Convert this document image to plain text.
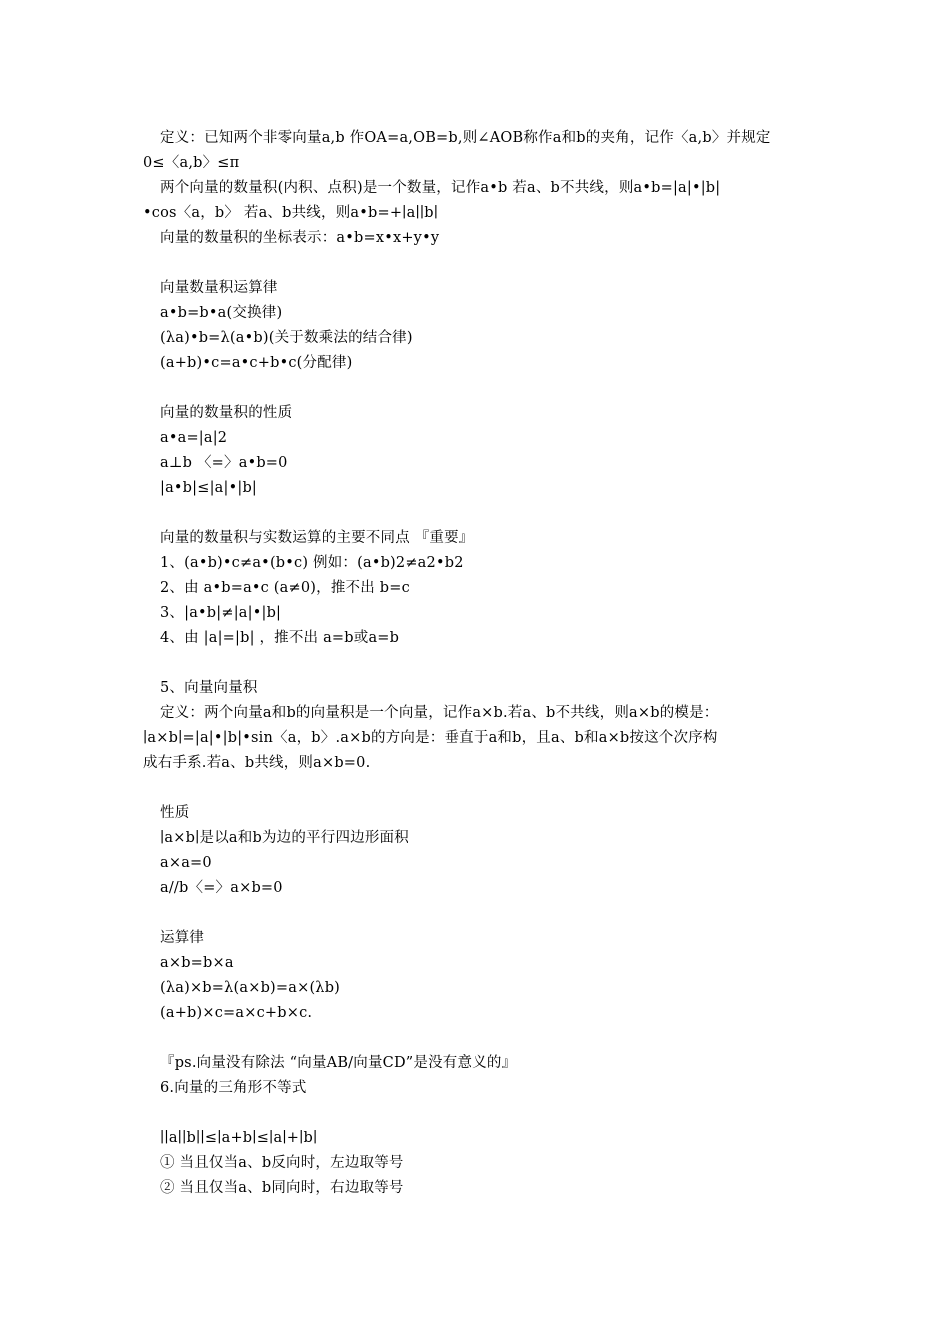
定义：已知两个非零向量a,b 作OA=a,OB=b,则∠AOB称作a和b的夹角，记作〈a,b〉并规定
0≤〈a,b〉≤π
两个向量的数量积(内积、点积)是一个数量，记作a•b 若a、b不共线，则a•b=|a|•|b|
•cos〈a，b〉 若a、b共线，则a•b=+∣a∣∣b∣
向量的数量积的坐标表示：a•b=x•x+y•y
向量数量积运算律
a•b=b•a(交换律)
(λa)•b=λ(a•b)(关于数乘法的结合律)
(a+b)•c=a•c+b•c(分配律)
向量的数量积的性质
a•a=|a|2
a⊥b 〈=〉a•b=0
|a•b|≤|a|•|b|
向量的数量积与实数运算的主要不同点 『重要』
1、(a•b)•c≠a•(b•c) 例如：(a•b)2≠a2•b2
2、由 a•b=a•c (a≠0)，推不出 b=c
3、|a•b|≠|a|•|b|
4、由 |a|=|b| ，推不出 a=b或a=b
5、向量向量积
定义：两个向量a和b的向量积是一个向量，记作a×b.若a、b不共线，则a×b的模是：
∣a×b∣=|a|•|b|•sin〈a，b〉.a×b的方向是：垂直于a和b，且a、b和a×b按这个次序构
成右手系.若a、b共线，则a×b=0.
性质
∣a×b∣是以a和b为边的平行四边形面积
a×a=0
a//b〈=〉a×b=0
运算律
a×b=b×a
(λa)×b=λ(a×b)=a×(λb)
(a+b)×c=a×c+b×c.
『ps.向量没有除法 “向量AB/向量CD”是没有意义的』
6.向量的三角形不等式
∣∣a∣∣b∣∣≤∣a+b∣≤∣a∣+∣b∣
① 当且仅当a、b反向时，左边取等号
② 当且仅当a、b同向时，右边取等号
